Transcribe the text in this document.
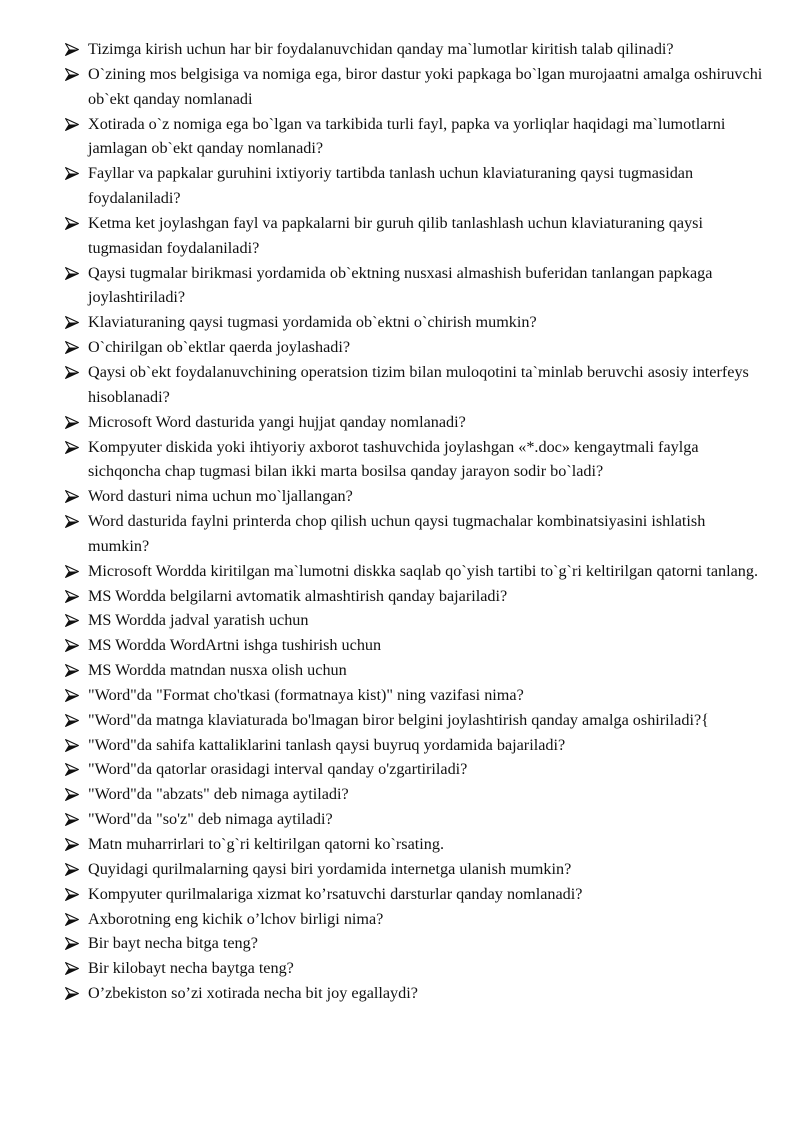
Tizimga kirish uchun har bir foydalanuvchidan qanday ma`lumotlar kiritish talab qilinadi?
O`zining mos belgisiga va nomiga ega, biror dastur yoki papkaga bo`lgan murojaatni amalga oshiruvchi ob`ekt qanday nomlanadi
Xotirada o`z nomiga ega bo`lgan va tarkibida turli fayl, papka va yorliqlar haqidagi ma`lumotlarni jamlagan ob`ekt qanday nomlanadi?
Fayllar va papkalar guruhini ixtiyoriy tartibda tanlash uchun klaviaturaning qaysi tugmasidan foydalaniladi?
Ketma ket joylashgan fayl va papkalarni bir guruh qilib tanlashlash uchun klaviaturaning qaysi tugmasidan foydalaniladi?
Qaysi tugmalar birikmasi yordamida ob`ektning nusxasi almashish buferidan tanlangan papkaga joylashtiriladi?
Klaviaturaning qaysi tugmasi yordamida ob`ektni o`chirish mumkin?
O`chirilgan ob`ektlar qaerda joylashadi?
Qaysi ob`ekt foydalanuvchining operatsion tizim bilan muloqotini ta`minlab beruvchi asosiy interfeys hisoblanadi?
Microsoft Word dasturida yangi hujjat qanday nomlanadi?
Kompyuter diskida yoki ihtiyoriy axborot tashuvchida joylashgan «*.doc» kengaytmali faylga sichqoncha chap tugmasi bilan ikki marta bosilsa qanday jarayon sodir bo`ladi?
Word dasturi nima uchun mo`ljallangan?
Word dasturida faylni printerda chop qilish uchun qaysi tugmachalar kombinatsiyasini ishlatish mumkin?
Microsoft Wordda kiritilgan ma`lumotni diskka saqlab qo`yish tartibi to`g`ri keltirilgan qatorni tanlang.
MS Wordda belgilarni avtomatik almashtirish qanday bajariladi?
MS Wordda jadval yaratish uchun
MS Wordda WordArtni ishga tushirish uchun
MS Wordda matndan nusxa olish uchun
"Word"da "Format cho'tkasi (formatnaya kist)" ning vazifasi nima?
"Word"da matnga klaviaturada bo'lmagan biror belgini joylashtirish qanday amalga oshiriladi?{
"Word"da sahifa kattaliklarini tanlash qaysi buyruq yordamida bajariladi?
"Word"da qatorlar orasidagi interval qanday o'zgartiriladi?
"Word"da "abzats" deb nimaga aytiladi?
"Word"da "so'z" deb nimaga aytiladi?
Matn muharrirlari to`g`ri keltirilgan qatorni ko`rsating.
Quyidagi qurilmalarning qaysi biri yordamida internetga ulanish mumkin?
Kompyuter qurilmalariga xizmat ko’rsatuvchi darsturlar qanday nomlanadi?
Axborotning eng kichik o’lchov birligi nima?
Bir bayt necha bitga teng?
Bir kilobayt necha baytga teng?
O’zbekiston so’zi xotirada necha bit joy egallaydi?
